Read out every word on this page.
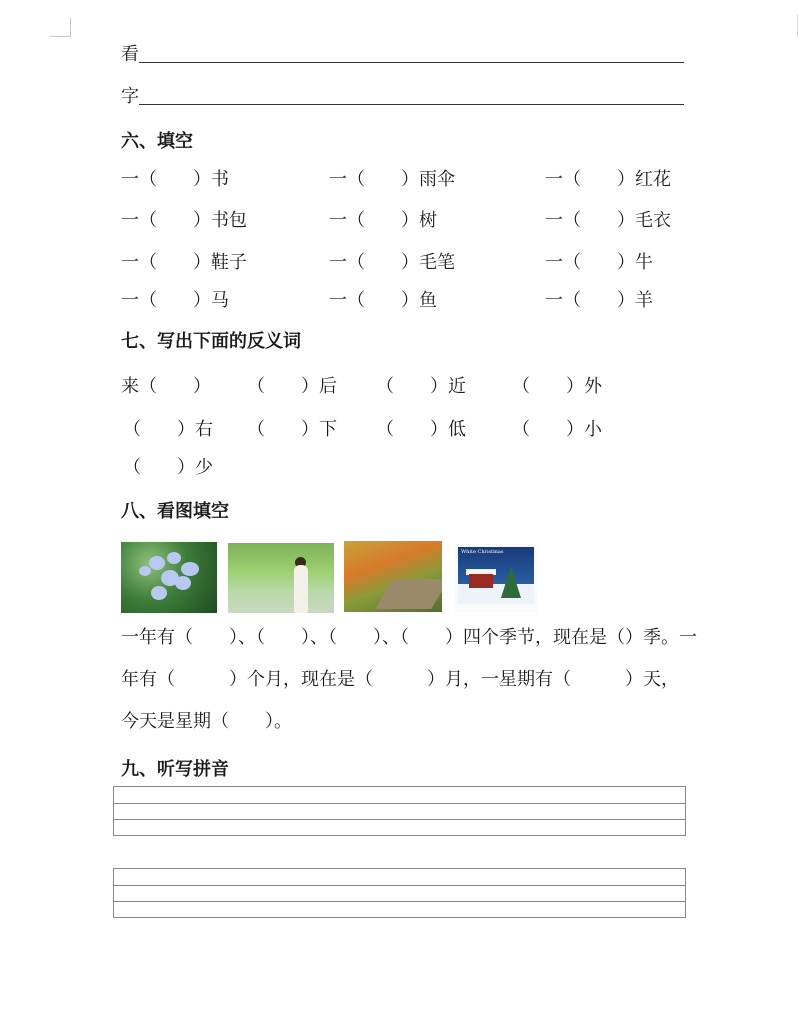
看
字
六、填空
一（　　）书	一（　　）雨伞	一（　　）红花
一（　　）书包	一（　　）树	一（　　）毛衣
一（　　）鞋子	一（　　）毛笔	一（　　）牛
一（　　）马	一（　　）鱼	一（　　）羊
七、写出下面的反义词
来（　　） （　　）后 （　　）近	（　　）外
（　　）右 （　　）下 （　　）低	（　　）小
（　　）少
八、看图填空
White Christmas
一年有（　　）、（　　）、（　　）、（　　）四个季节，现在是（）季。一
年有（　　　）个月，现在是（　　　）月，一星期有（　　　）天，
今天是星期（　　）。
九、听写拼音
